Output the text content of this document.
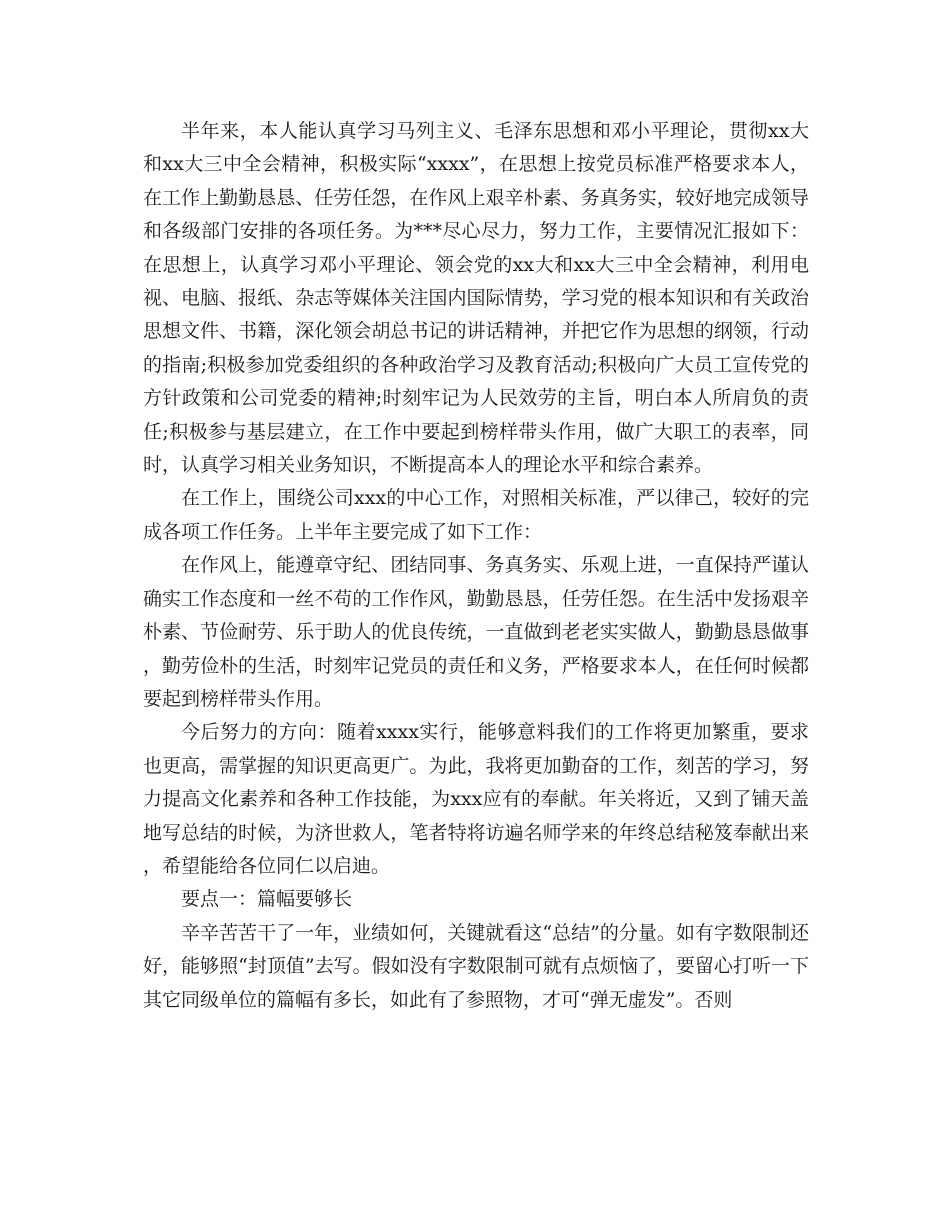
半年来，本人能认真学习马列主义、毛泽东思想和邓小平理论，贯彻xx大和xx大三中全会精神，积极实际“xxxx”，在思想上按党员标准严格要求本人，在工作上勤勤恳恳、任劳任怨，在作风上艰辛朴素、务真务实，较好地完成领导和各级部门安排的各项任务。为***尽心尽力，努力工作，主要情况汇报如下：在思想上，认真学习邓小平理论、领会党的xx大和xx大三中全会精神，利用电视、电脑、报纸、杂志等媒体关注国内国际情势，学习党的根本知识和有关政治思想文件、书籍，深化领会胡总书记的讲话精神，并把它作为思想的纲领，行动的指南;积极参加党委组织的各种政治学习及教育活动;积极向广大员工宣传党的方针政策和公司党委的精神;时刻牢记为人民效劳的主旨，明白本人所肩负的责任;积极参与基层建立，在工作中要起到榜样带头作用，做广大职工的表率，同时，认真学习相关业务知识，不断提高本人的理论水平和综合素养。

在工作上，围绕公司xxx的中心工作，对照相关标准，严以律己，较好的完成各项工作任务。上半年主要完成了如下工作：

在作风上，能遵章守纪、团结同事、务真务实、乐观上进，一直保持严谨认确实工作态度和一丝不苟的工作作风，勤勤恳恳，任劳任怨。在生活中发扬艰辛朴素、节俭耐劳、乐于助人的优良传统，一直做到老老实实做人，勤勤恳恳做事，勤劳俭朴的生活，时刻牢记党员的责任和义务，严格要求本人，在任何时候都要起到榜样带头作用。

今后努力的方向：随着xxxx实行，能够意料我们的工作将更加繁重，要求也更高，需掌握的知识更高更广。为此，我将更加勤奋的工作，刻苦的学习，努力提高文化素养和各种工作技能，为xxx应有的奉献。年关将近，又到了铺天盖地写总结的时候，为济世救人，笔者特将访遍名师学来的年终总结秘笈奉献出来，希望能给各位同仁以启迪。

要点一：篇幅要够长

辛辛苦苦干了一年，业绩如何，关键就看这“总结”的分量。如有字数限制还好，能够照“封顶值”去写。假如没有字数限制可就有点烦恼了，要留心打听一下其它同级单位的篇幅有多长，如此有了参照物，才可“弹无虚发”。否则
